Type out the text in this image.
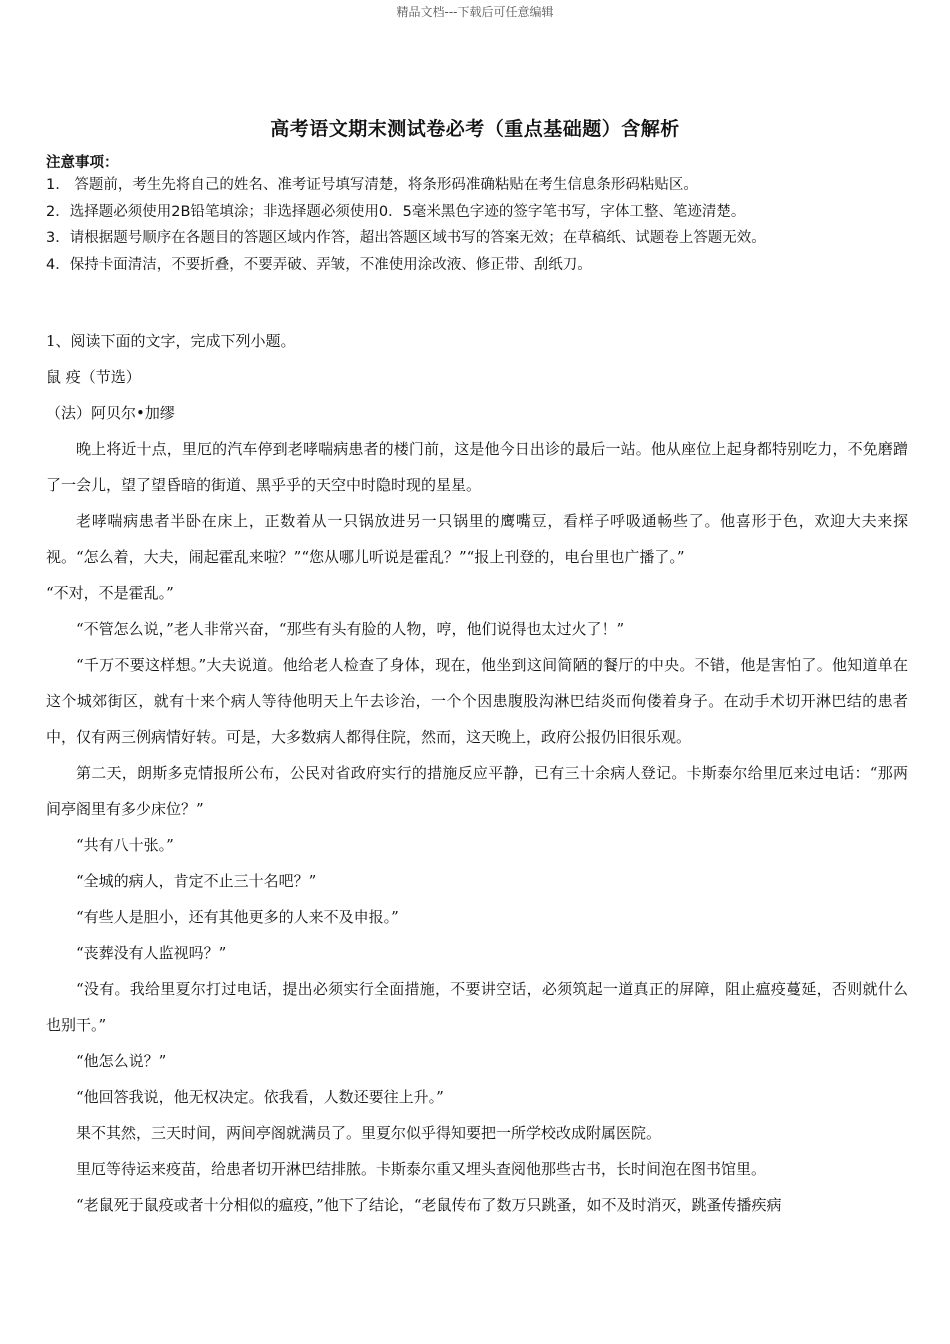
精品文档---下载后可任意编辑
高考语文期末测试卷必考（重点基础题）含解析
注意事项：
1.　答题前，考生先将自己的姓名、准考证号填写清楚，将条形码准确粘贴在考生信息条形码粘贴区。
2．选择题必须使用2B铅笔填涂；非选择题必须使用0．5毫米黑色字迹的签字笔书写，字体工整、笔迹清楚。
3．请根据题号顺序在各题目的答题区域内作答，超出答题区域书写的答案无效；在草稿纸、试题卷上答题无效。
4．保持卡面清洁，不要折叠，不要弄破、弄皱，不准使用涂改液、修正带、刮纸刀。

1、阅读下面的文字，完成下列小题。

鼠 疫（节选）

（法）阿贝尔•加缪

晚上将近十点，里厄的汽车停到老哮喘病患者的楼门前，这是他今日出诊的最后一站。他从座位上起身都特别吃力，不免磨蹭了一会儿，望了望昏暗的街道、黑乎乎的天空中时隐时现的星星。

老哮喘病患者半卧在床上，正数着从一只锅放进另一只锅里的鹰嘴豆，看样子呼吸通畅些了。他喜形于色，欢迎大夫来探视。“怎么着，大夫，闹起霍乱来啦？”“您从哪儿听说是霍乱？”“报上刊登的，电台里也广播了。”

“不对，不是霍乱。”

“不管怎么说，”老人非常兴奋，“那些有头有脸的人物，哼，他们说得也太过火了！”

“千万不要这样想。”大夫说道。他给老人检查了身体，现在，他坐到这间简陋的餐厅的中央。不错，他是害怕了。他知道单在这个城郊街区，就有十来个病人等待他明天上午去诊治，一个个因患腹股沟淋巴结炎而佝偻着身子。在动手术切开淋巴结的患者中，仅有两三例病情好转。可是，大多数病人都得住院，然而，这天晚上，政府公报仍旧很乐观。

第二天，朗斯多克情报所公布，公民对省政府实行的措施反应平静，已有三十余病人登记。卡斯泰尔给里厄来过电话：“那两间亭阁里有多少床位？”

“共有八十张。”

“全城的病人，肯定不止三十名吧？”

“有些人是胆小，还有其他更多的人来不及申报。”

“丧葬没有人监视吗？”

“没有。我给里夏尔打过电话，提出必须实行全面措施，不要讲空话，必须筑起一道真正的屏障，阻止瘟疫蔓延，否则就什么也别干。”

“他怎么说？”

“他回答我说，他无权决定。依我看，人数还要往上升。”

果不其然，三天时间，两间亭阁就满员了。里夏尔似乎得知要把一所学校改成附属医院。

里厄等待运来疫苗，给患者切开淋巴结排脓。卡斯泰尔重又埋头查阅他那些古书，长时间泡在图书馆里。

“老鼠死于鼠疫或者十分相似的瘟疫，”他下了结论，“老鼠传布了数万只跳蚤，如不及时消灭，跳蚤传播疾病
